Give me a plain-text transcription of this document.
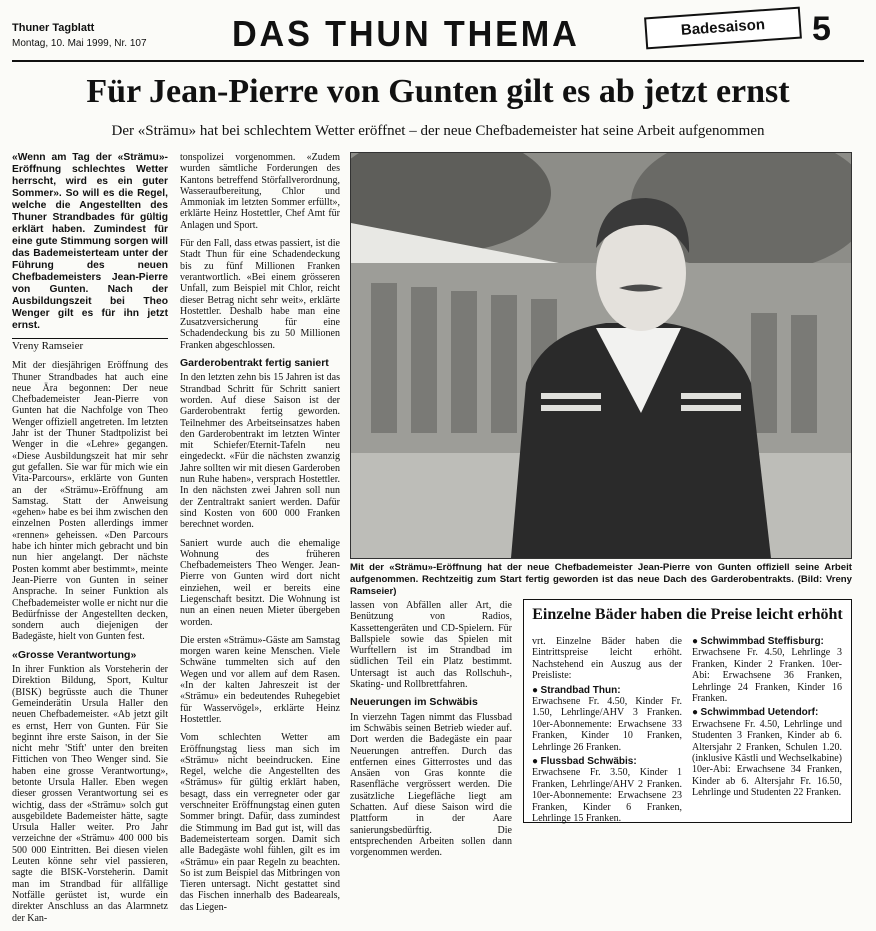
Thuner Tagblatt
Montag, 10. Mai 1999, Nr. 107 DAS THUN THEMA	Badesaison	5
Für Jean-Pierre von Gunten gilt es ab jetzt ernst
Der «Strämu» hat bei schlechtem Wetter eröffnet – der neue Chefbademeister hat seine Arbeit aufgenommen
«Wenn am Tag der «Strämu»-Eröffnung schlechtes Wetter herrscht, wird es ein guter Sommer». So will es die Regel, welche die Angestellten des Thuner Strandbades für gültig erklärt haben. Zumindest für eine gute Stimmung sorgen will das Bademeisterteam unter der Führung des neuen Chefbademeisters Jean-Pierre von Gunten. Nach der Ausbildungszeit bei Theo Wenger gilt es für ihn jetzt ernst.
Vreny Ramseier

Mit der diesjährigen Eröffnung des Thuner Strandbades hat auch eine neue Ära begonnen: Der neue Chefbademeister Jean-Pierre von Gunten hat die Nachfolge von Theo Wenger offiziell angetreten. Im letzten Jahr ist der Thuner Stadtpolizist bei Wenger in die «Lehre» gegangen. «Diese Ausbildungszeit hat mir sehr gut gefallen. Sie war für mich wie ein Vita-Parcours», erklärte von Gunten an der «Strämu»-Eröffnung am Samstag. Statt der Anweisung «gehen» habe es bei ihm zwischen den einzelnen Posten allerdings immer «rennen» geheissen. «Den Parcours habe ich hinter mich gebracht und bin nun hier angelangt. Der nächste Posten kommt aber bestimmt», meinte Jean-Pierre von Gunten in seiner Ansprache. In seiner Funktion als Chefbademeister wolle er nicht nur die Bedürfnisse der Angestellten decken, sondern auch diejenigen der Badegäste, hielt von Gunten fest.

«Grosse Verantwortung»

In ihrer Funktion als Vorsteherin der Direktion Bildung, Sport, Kultur (BISK) begrüsste auch die Thuner Gemeinderätin Ursula Haller den neuen Chefbademeister. «Ab jetzt gilt es ernst, Herr von Gunten. Für Sie beginnt ihre erste Saison, in der Sie nicht mehr 'Stift' unter den breiten Fittichen von Theo Wenger sind. Sie haben eine grosse Verantwortung», betonte Ursula Haller. Eben wegen dieser grossen Verantwortung sei es wichtig, dass der «Strämu» solch gut ausgebildete Bademeister hätte, sagte Ursula Haller weiter. Pro Jahr verzeichne der «Strämu» 400 000 bis 500 000 Eintritten. Bei diesen vielen Leuten könne sehr viel passieren, sagte die BISK-Vorsteherin. Damit man im Strandbad für allfällige Notfälle gerüstet ist, wurde ein direkter Anschluss an das Alarmnetz der Kan-

tonspolizei vorgenommen. «Zudem wurden sämtliche Forderungen des Kantons betreffend Störfallverordnung, Wasseraufbereitung, Chlor und Ammoniak im letzten Sommer erfüllt», erklärte Heinz Hostettler, Chef Amt für Anlagen und Sport.

Für den Fall, dass etwas passiert, ist die Stadt Thun für eine Schadendeckung bis zu fünf Millionen Franken verantwortlich. «Bei einem grösseren Unfall, zum Beispiel mit Chlor, reicht dieser Betrag nicht sehr weit», erklärte Hostettler. Deshalb habe man eine Zusatzversicherung für eine Schadendeckung bis zu 50 Millionen Franken abgeschlossen.

Garderobentrakt fertig saniert

In den letzten zehn bis 15 Jahren ist das Strandbad Schritt für Schritt saniert worden. Auf diese Saison ist der Garderobentrakt fertig geworden. Teilnehmer des Arbeitseinsatzes haben den Garderobentrakt im letzten Winter mit Schiefer/Eternit-Tafeln neu eingedeckt. «Für die nächsten zwanzig Jahre sollten wir mit diesen Garderoben nun Ruhe haben», versprach Hostettler. In den nächsten zwei Jahren soll nun der Zentraltrakt saniert werden. Dafür sind Kosten von 600 000 Franken berechnet worden.

Saniert wurde auch die ehemalige Wohnung des früheren Chefbademeisters Theo Wenger. Jean-Pierre von Gunten wird dort nicht einziehen, weil er bereits eine Liegenschaft besitzt. Die Wohnung ist nun an einen neuen Mieter übergeben worden.

Die ersten «Strämu»-Gäste am Samstag morgen waren keine Menschen. Viele Schwäne tummelten sich auf den Wegen und vor allem auf dem Rasen. «In der kalten Jahreszeit ist der «Strämu» ein bedeutendes Ruhegebiet für Wasservögel», erklärte Heinz Hostettler.

Vom schlechten Wetter am Eröffnungstag liess man sich im «Strämu» nicht beeindrucken. Eine Regel, welche die Angestellten des «Strämus» für gültig erklärt haben, besagt, dass ein verregneter oder gar verschneiter Eröffnungstag einen guten Sommer bringt. Dafür, dass zumindest die Stimmung im Bad gut ist, will das Bademeisterteam sorgen. Damit sich alle Badegäste wohl fühlen, gilt es im «Strämu» ein paar Regeln zu beachten. So ist zum Beispiel das Mitbringen von Tieren untersagt. Nicht gestattet sind das Fischen innerhalb des Badeareals, das Liegen-

Mit der «Strämu»-Eröffnung hat der neue Chefbademeister Jean-Pierre von Gunten offiziell seine Arbeit aufgenommen. Rechtzeitig zum Start fertig geworden ist das neue Dach des Garderobentrakts. (Bild: Vreny Ramseier)

lassen von Abfällen aller Art, die Benützung von Radios, Kassettengeräten und CD-Spielern. Für Ballspiele sowie das Spielen mit Wurftellern ist im Strandbad im südlichen Teil ein Platz bestimmt. Untersagt ist auch das Rollschuh-, Skating- und Rollbrettfahren.

Neuerungen im Schwäbis

In vierzehn Tagen nimmt das Flussbad im Schwäbis seinen Betrieb wieder auf. Dort werden die Badegäste ein paar Neuerungen antreffen. Durch das entfernen eines Gitterrostes und das Ansäen von Gras konnte die Rasenfläche vergrössert werden. Die zusätzliche Liegefläche liegt am Schatten. Auf diese Saison wird die Plattform in der Aare sanierungsbedürftig. Die entsprechenden Arbeiten sollen dann vorgenommen werden.

Einzelne Bäder haben die Preise leicht erhöht

vrt. Einzelne Bäder haben die Eintrittspreise leicht erhöht. Nachstehend ein Auszug aus der Preisliste:

● Strandbad Thun:
Erwachsene Fr. 4.50, Kinder Fr. 1.50, Lehrlinge/AHV 3 Franken. 10er-Abonnemente: Erwachsene 33 Franken, Kinder 10 Franken, Lehrlinge 26 Franken.

● Flussbad Schwäbis:
Erwachsene Fr. 3.50, Kinder 1 Franken, Lehrlinge/AHV 2 Franken. 10er-Abonnemente: Erwachsene 23 Franken, Kinder 6 Franken, Lehrlinge 15 Franken.

● Schwimmbad Steffisburg:
Erwachsene Fr. 4.50, Lehrlinge 3 Franken, Kinder 2 Franken. 10er-Abi: Erwachsene 36 Franken, Lehrlinge 24 Franken, Kinder 16 Franken.

● Schwimmbad Uetendorf:
Erwachsene Fr. 4.50, Lehrlinge und Studenten 3 Franken, Kinder ab 6. Altersjahr 2 Franken, Schulen 1.20. (inklusive Kästli und Wechselkabine) 10er-Abi: Erwachsene 34 Franken, Kinder ab 6. Altersjahr Fr. 16.50, Lehrlinge und Studenten 22 Franken.
